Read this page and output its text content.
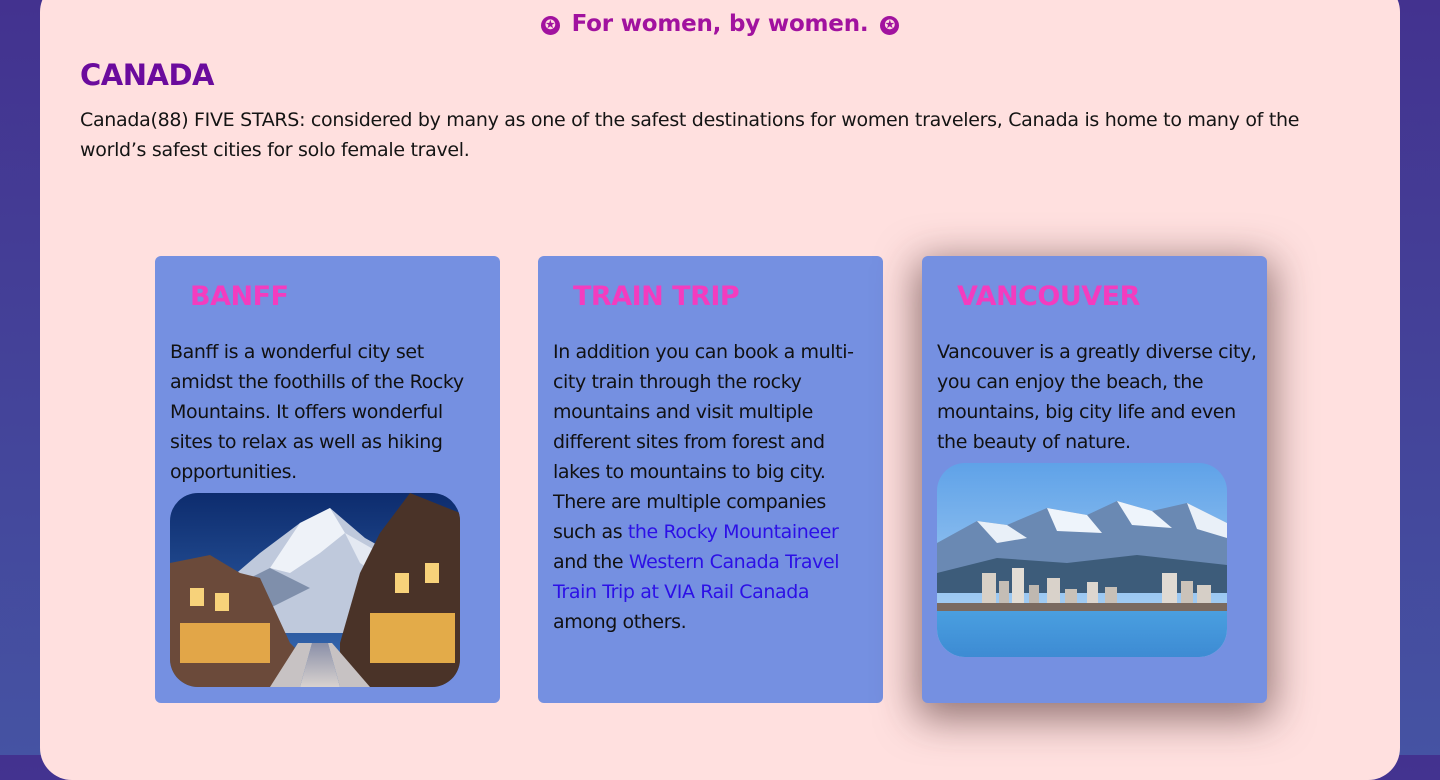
✪ For women, by women. ✪
CANADA
Canada(88) FIVE STARS: considered by many as one of the safest destinations for women travelers, Canada is home to many of the world’s safest cities for solo female travel.
BANFF
Banff is a wonderful city set amidst the foothills of the Rocky Mountains. It offers wonderful sites to relax as well as hiking opportunities.
TRAIN TRIP
In addition you can book a multi-city train through the rocky mountains and visit multiple different sites from forest and lakes to mountains to big city. There are multiple companies such as the Rocky Mountaineer and the Western Canada Travel Train Trip at VIA Rail Canada among others.
VANCOUVER
Vancouver is a greatly diverse city, you can enjoy the beach, the mountains, big city life and even the beauty of nature.
